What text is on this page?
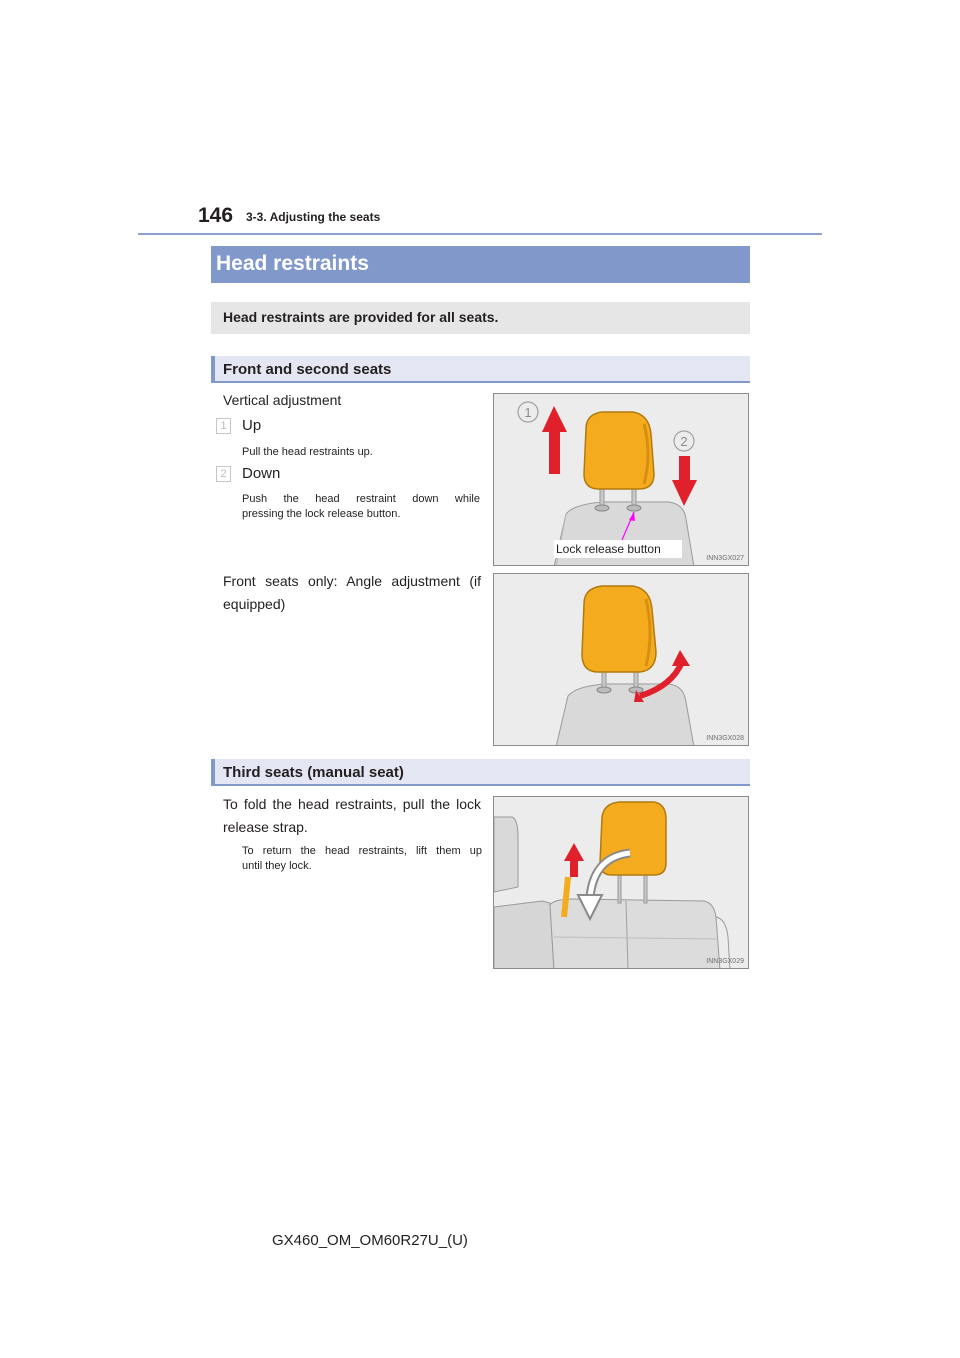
146 3-3. Adjusting the seats
Head restraints
Head restraints are provided for all seats.
Front and second seats
Vertical adjustment
1 Up
Pull the head restraints up.
2 Down
Push the head restraint down while
pressing the lock release button.
Front seats only: Angle adjustment (if
equipped)
1
2
Lock release button
INN3GX027
INN3GX028
Third seats (manual seat)
To fold the head restraints, pull the lock
release strap.
To return the head restraints, lift them up
until they lock.
INN3GX029
GX460_OM_OM60R27U_(U)
